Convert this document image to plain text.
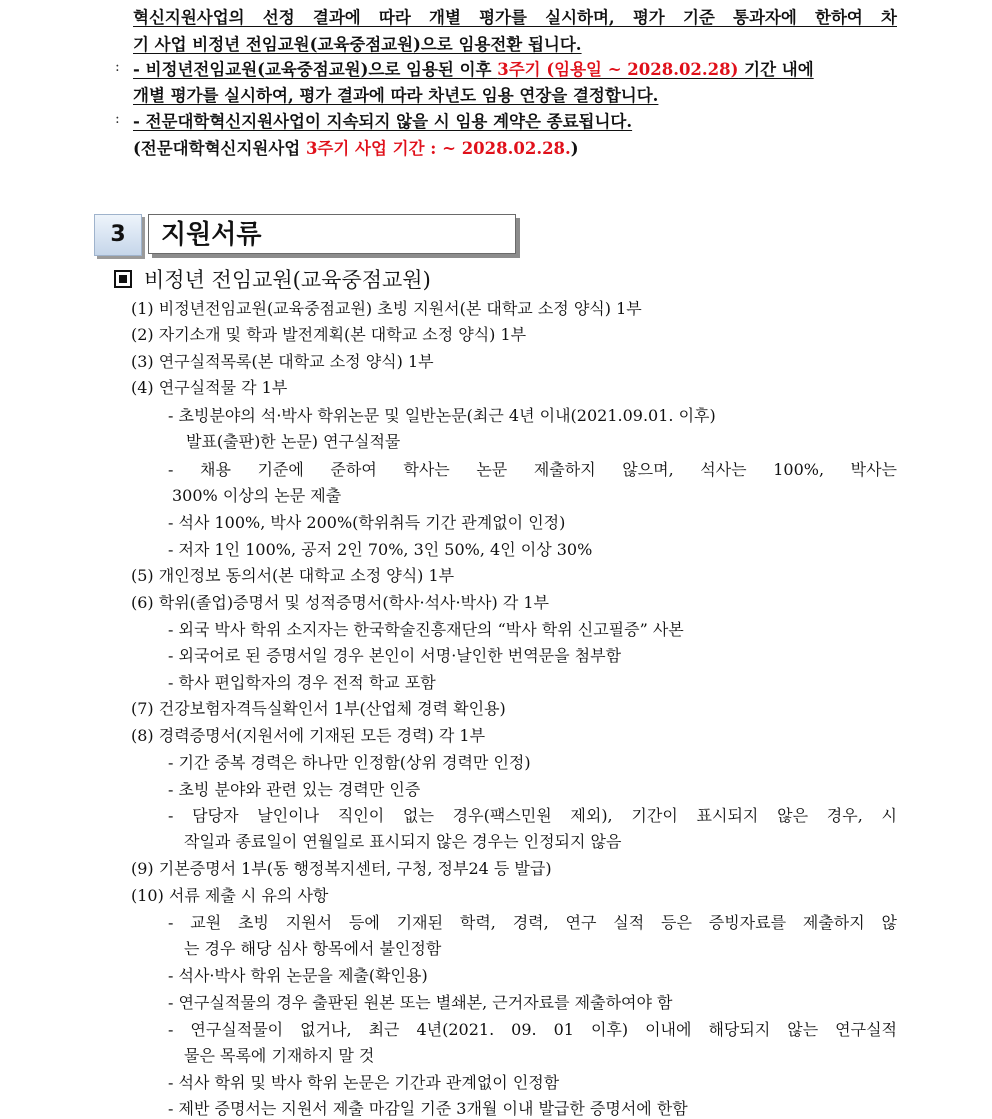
혁신지원사업의 선정 결과에 따라 개별 평가를 실시하며, 평가 기준 통과자에 한하여 차
기 사업 비정년 전임교원(교육중점교원)으로 임용전환 됩니다.
: - 비정년전임교원(교육중점교원)으로 임용된 이후 3주기 (임용일 ~ 2028.02.28) 기간 내에
개별 평가를 실시하여, 평가 결과에 따라 차년도 임용 연장을 결정합니다.
: - 전문대학혁신지원사업이 지속되지 않을 시 임용 계약은 종료됩니다.
(전문대학혁신지원사업 3주기 사업 기간 : ~ 2028.02.28.)
3	지원서류
비정년 전임교원(교육중점교원)
(1) 비정년전임교원(교육중점교원) 초빙 지원서(본 대학교 소정 양식) 1부
(2) 자기소개 및 학과 발전계획(본 대학교 소정 양식) 1부
(3) 연구실적목록(본 대학교 소정 양식) 1부
(4) 연구실적물 각 1부
- 초빙분야의 석·박사 학위논문 및 일반논문(최근 4년 이내(2021.09.01. 이후)
발표(출판)한 논문) 연구실적물
- 채용 기준에 준하여 학사는 논문 제출하지 않으며, 석사는 100%, 박사는
300% 이상의 논문 제출
- 석사 100%, 박사 200%(학위취득 기간 관계없이 인정)
- 저자 1인 100%, 공저 2인 70%, 3인 50%, 4인 이상 30%
(5) 개인정보 동의서(본 대학교 소정 양식) 1부
(6) 학위(졸업)증명서 및 성적증명서(학사·석사·박사) 각 1부
- 외국 박사 학위 소지자는 한국학술진흥재단의 “박사 학위 신고필증” 사본
- 외국어로 된 증명서일 경우 본인이 서명·날인한 번역문을 첨부함
- 학사 편입학자의 경우 전적 학교 포함
(7) 건강보험자격득실확인서 1부(산업체 경력 확인용)
(8) 경력증명서(지원서에 기재된 모든 경력) 각 1부
- 기간 중복 경력은 하나만 인정함(상위 경력만 인정)
- 초빙 분야와 관련 있는 경력만 인증
- 담당자 날인이나 직인이 없는 경우(팩스민원 제외), 기간이 표시되지 않은 경우, 시
작일과 종료일이 연월일로 표시되지 않은 경우는 인정되지 않음
(9) 기본증명서 1부(동 행정복지센터, 구청, 정부24 등 발급)
(10) 서류 제출 시 유의 사항
- 교원 초빙 지원서 등에 기재된 학력, 경력, 연구 실적 등은 증빙자료를 제출하지 않
는 경우 해당 심사 항목에서 불인정함
- 석사·박사 학위 논문을 제출(확인용)
- 연구실적물의 경우 출판된 원본 또는 별쇄본, 근거자료를 제출하여야 함
- 연구실적물이 없거나, 최근 4년(2021. 09. 01 이후) 이내에 해당되지 않는 연구실적
물은 목록에 기재하지 말 것
- 석사 학위 및 박사 학위 논문은 기간과 관계없이 인정함
- 제반 증명서는 지원서 제출 마감일 기준 3개월 이내 발급한 증명서에 한함
